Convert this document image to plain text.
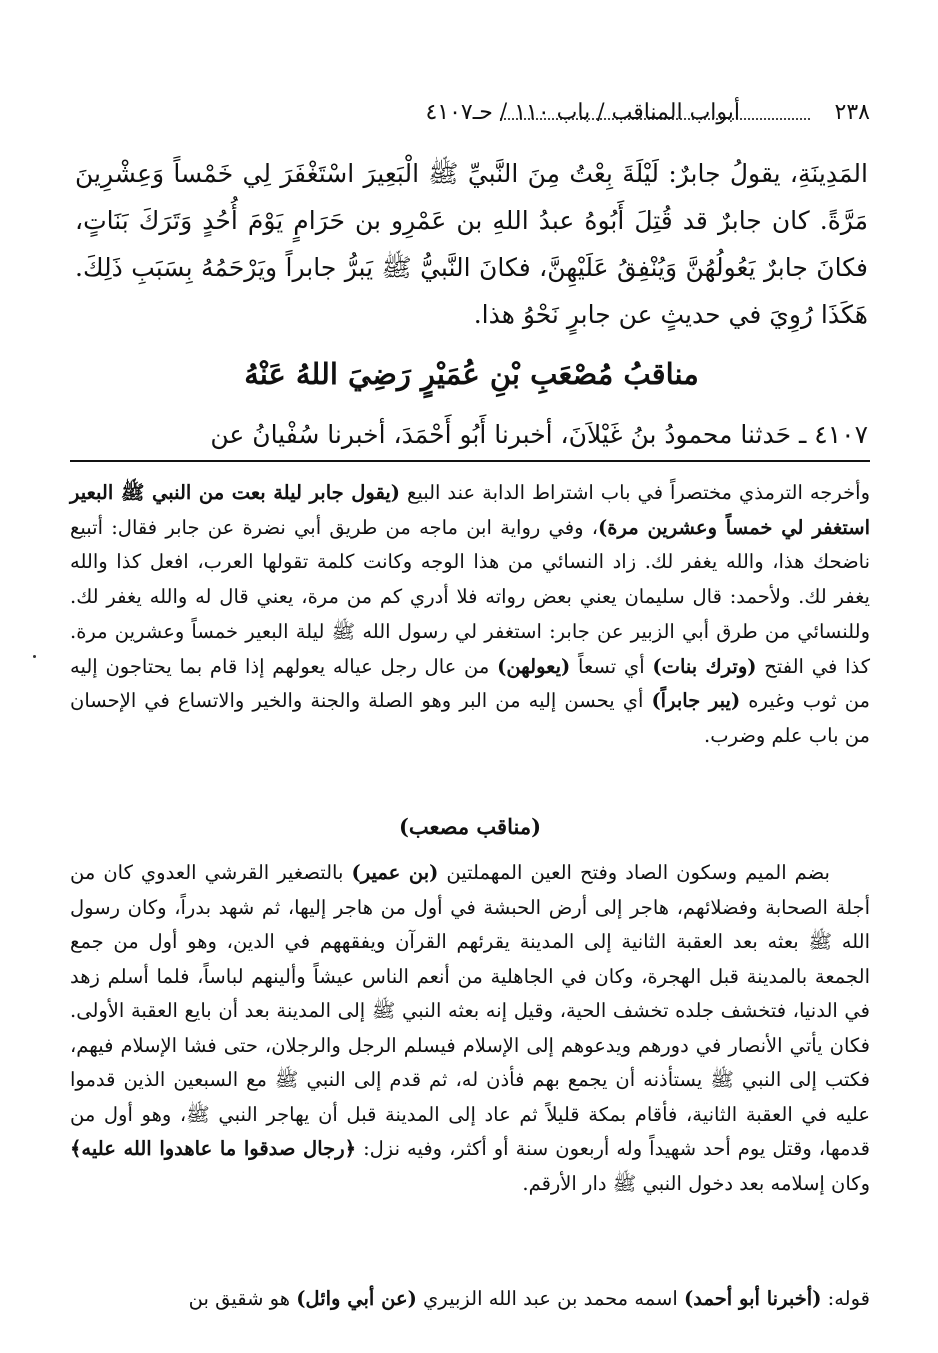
٢٣٨
أبواب المناقب / باب ١١٠ / حـ٤١٠٧

المَدِينَةِ، يقولُ جابرٌ: لَيْلَةَ بِعْتُ مِنَ النَّبيِّ ﷺ الْبَعِيرَ اسْتَغْفَرَ لِي خَمْساً وَعِشْرِينَ مَرَّةً. كان جابرٌ قد قُتِلَ أَبُوهُ عبدُ اللهِ بن عَمْرِو بن حَرَامٍ يَوْمَ أُحُدٍ وَتَرَكَ بَنَاتٍ، فكانَ جابرٌ يَعُولُهُنَّ وَيُنْفِقُ عَلَيْهِنَّ، فكانَ النَّبيُّ ﷺ يَبرُّ جابراً ويَرْحَمُهُ بِسَبَبِ ذَلِكَ. هَكَذَا رُوِيَ في حديثٍ عن جابرٍ نَحْوُ هذا.

مناقبُ مُصْعَبِ بْنِ عُمَيْرٍ رَضِيَ اللهُ عَنْهُ
٤١٠٧ ـ حَدثنا محمودُ بنُ غَيْلاَنَ، أخبرنا أَبُو أَحْمَدَ، أخبرنا سُفْيانُ عن

وأخرجه الترمذي مختصراً في باب اشتراط الدابة عند البيع (يقول جابر ليلة بعت من النبي ﷺ البعير استغفر لي خمساً وعشرين مرة)، وفي رواية ابن ماجه من طريق أبي نضرة عن جابر فقال: أتبيع ناضحك هذا، والله يغفر لك. زاد النسائي من هذا الوجه وكانت كلمة تقولها العرب، افعل كذا والله يغفر لك. ولأحمد: قال سليمان يعني بعض رواته فلا أدري كم من مرة، يعني قال له والله يغفر لك. وللنسائي من طرق أبي الزبير عن جابر: استغفر لي رسول الله ﷺ ليلة البعير خمساً وعشرين مرة. كذا في الفتح (وترك بنات) أي تسعاً (يعولهن) من عال رجل عياله يعولهم إذا قام بما يحتاجون إليه من ثوب وغيره (يبر جابراً) أي يحسن إليه من البر وهو الصلة والجنة والخير والاتساع في الإحسان من باب علم وضرب.

(مناقب مصعب)

بضم الميم وسكون الصاد وفتح العين المهملتين (بن عمير) بالتصغير القرشي العدوي كان من أجلة الصحابة وفضلائهم، هاجر إلى أرض الحبشة في أول من هاجر إليها، ثم شهد بدراً، وكان رسول الله ﷺ بعثه بعد العقبة الثانية إلى المدينة يقرئهم القرآن ويفقههم في الدين، وهو أول من جمع الجمعة بالمدينة قبل الهجرة، وكان في الجاهلية من أنعم الناس عيشاً وألينهم لباساً، فلما أسلم زهد في الدنيا، فتخشف جلده تخشف الحية، وقيل إنه بعثه النبي ﷺ إلى المدينة بعد أن بايع العقبة الأولى. فكان يأتي الأنصار في دورهم ويدعوهم إلى الإسلام فيسلم الرجل والرجلان، حتى فشا الإسلام فيهم، فكتب إلى النبي ﷺ يستأذنه أن يجمع بهم فأذن له، ثم قدم إلى النبي ﷺ مع السبعين الذين قدموا عليه في العقبة الثانية، فأقام بمكة قليلاً ثم عاد إلى المدينة قبل أن يهاجر النبي ﷺ، وهو أول من قدمها، وقتل يوم أحد شهيداً وله أربعون سنة أو أكثر، وفيه نزل: ﴿رجال صدقوا ما عاهدوا الله عليه﴾ وكان إسلامه بعد دخول النبي ﷺ دار الأرقم.

قوله: (أخبرنا أبو أحمد) اسمه محمد بن عبد الله الزبيري (عن أبي وائل) هو شقيق بن
